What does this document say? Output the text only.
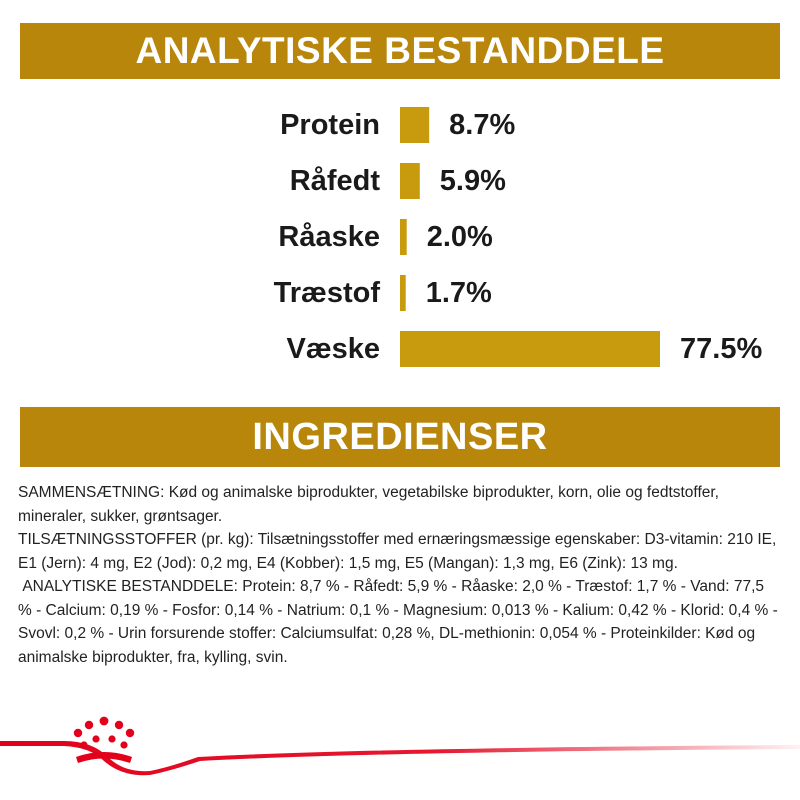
ANALYTISKE BESTANDDELE
Protein 8.7%
Råfedt 5.9%
Råaske 2.0%
Træstof 1.7%
Væske	77.5%
INGREDIENSER

SAMMENSÆTNING: Kød og animalske biprodukter, vegetabilske biprodukter, korn, olie og fedtstoffer, mineraler, sukker, grøntsager.

TILSÆTNINGSSTOFFER (pr. kg): Tilsætningsstoffer med ernæringsmæssige egenskaber: D3-vitamin: 210 IE, E1 (Jern): 4 mg, E2 (Jod): 0,2 mg, E4 (Kobber): 1,5 mg, E5 (Mangan): 1,3 mg, E6 (Zink): 13 mg.

ANALYTISKE BESTANDDELE: Protein: 8,7 % - Råfedt: 5,9 % - Råaske: 2,0 % - Træstof: 1,7 % - Vand: 77,5 % - Calcium: 0,19 % - Fosfor: 0,14 % - Natrium: 0,1 % - Magnesium: 0,013 % - Kalium: 0,42 % - Klorid: 0,4 % - Svovl: 0,2 % - Urin forsurende stoffer: Calciumsulfat: 0,28 %, DL-methionin: 0,054 % - Proteinkilder: Kød og animalske biprodukter, fra, kylling, svin.
